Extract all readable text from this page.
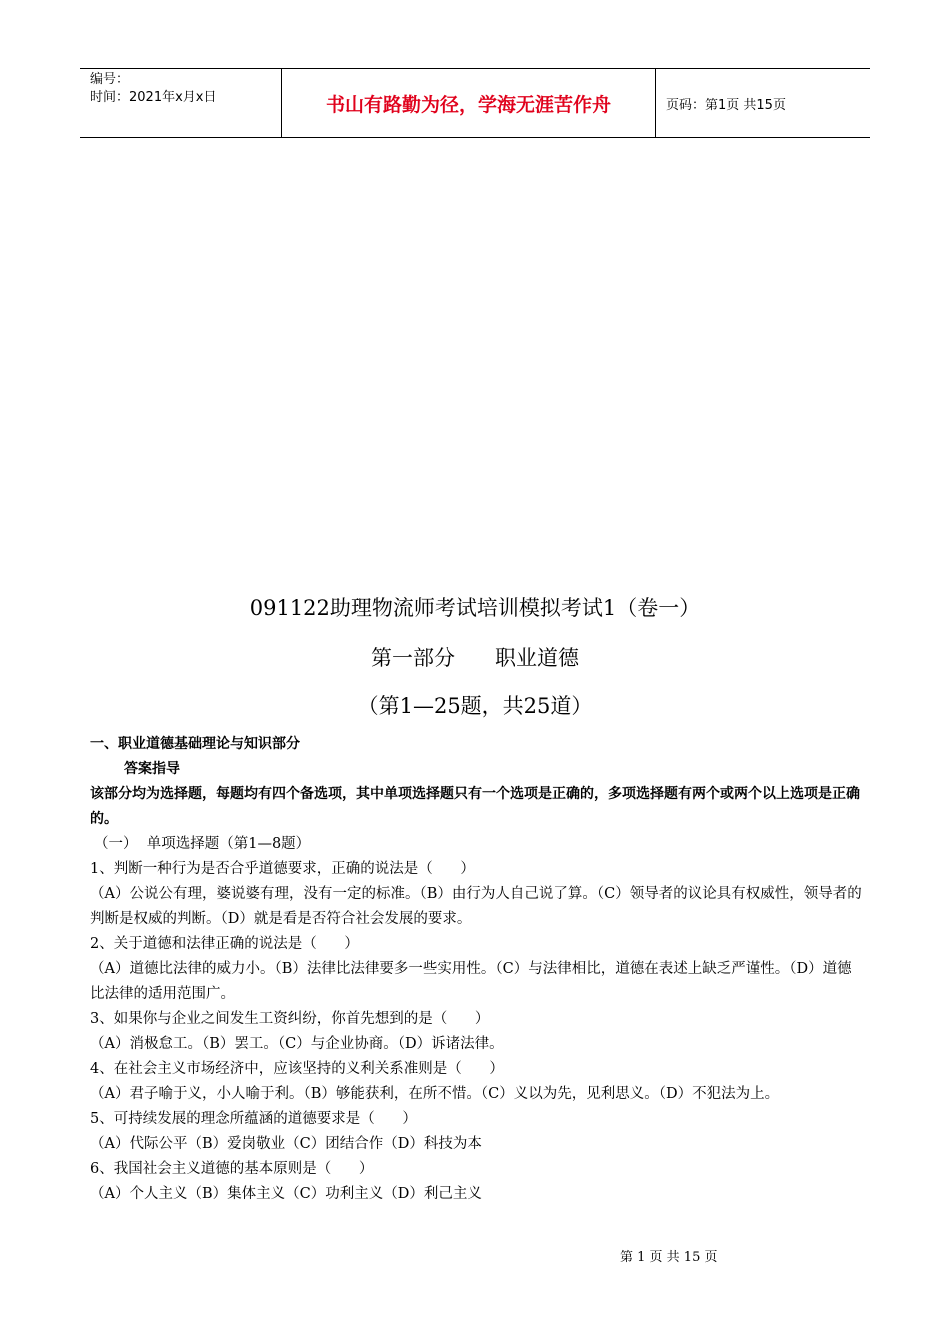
编号：
时间：2021年x月x日	书山有路勤为径，学海无涯苦作舟	页码：第1页 共15页
091122助理物流师考试培训模拟考试1（卷一）
第一部分      职业道德
（第1—25题，共25道）

一、职业道德基础理论与知识部分

答案指导

该部分均为选择题，每题均有四个备选项，其中单项选择题只有一个选项是正确的，多项选择题有两个或两个以上选项是正确的。

（一）  单项选择题（第1—8题）

1、判断一种行为是否合乎道德要求，正确的说法是（      ）

（A）公说公有理，婆说婆有理，没有一定的标准。（B）由行为人自己说了算。（C）领导者的议论具有权威性，领导者的判断是权威的判断。（D）就是看是否符合社会发展的要求。

2、关于道德和法律正确的说法是（      ）

（A）道德比法律的威力小。（B）法律比法律要多一些实用性。（C）与法律相比，道德在表述上缺乏严谨性。（D）道德比法律的适用范围广。

3、如果你与企业之间发生工资纠纷，你首先想到的是（      ）

（A）消极怠工。（B）罢工。（C）与企业协商。（D）诉诸法律。

4、在社会主义市场经济中，应该坚持的义利关系准则是（      ）

（A）君子喻于义，小人喻于利。（B）够能获利，在所不惜。（C）义以为先，见利思义。（D）不犯法为上。

5、可持续发展的理念所蕴涵的道德要求是（      ）

（A）代际公平（B）爱岗敬业（C）团结合作（D）科技为本

6、我国社会主义道德的基本原则是（      ）

（A）个人主义（B）集体主义（C）功利主义（D）利己主义

第 1 页 共 15 页
